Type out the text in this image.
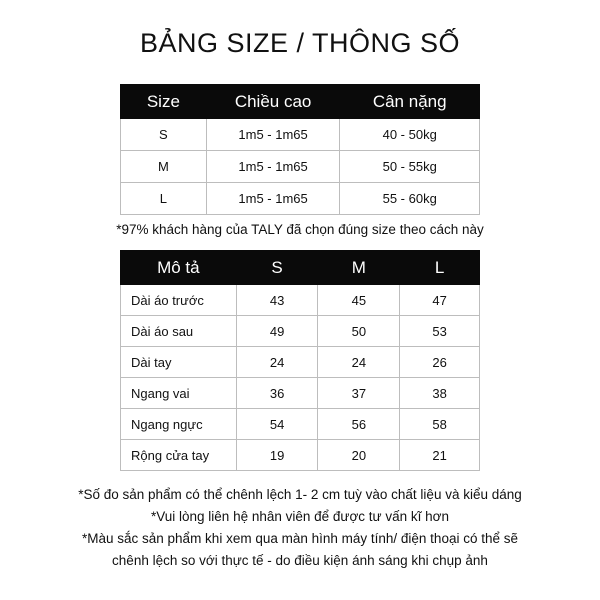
BẢNG SIZE / THÔNG SỐ
Size	Chiều cao	Cân nặng
S	1m5 - 1m65	40 - 50kg
M	1m5 - 1m65	50 - 55kg
L	1m5 - 1m65	55 - 60kg
*97% khách hàng của TALY đã chọn đúng size theo cách này
Mô tả	S	M	L
Dài áo trước	43	45	47
Dài áo sau	49	50	53
Dài tay	24	24	26
Ngang vai	36	37	38
Ngang ngực	54	56	58
Rộng cửa tay	19	20	21
*Số đo sản phẩm có thể chênh lệch 1- 2 cm tuỳ vào chất liệu và kiểu dáng
*Vui lòng liên hệ nhân viên để được tư vấn kĩ hơn
*Màu sắc sản phẩm khi xem qua màn hình máy tính/ điện thoại có thể sẽ
chênh lệch so với thực tế - do điều kiện ánh sáng khi chụp ảnh
